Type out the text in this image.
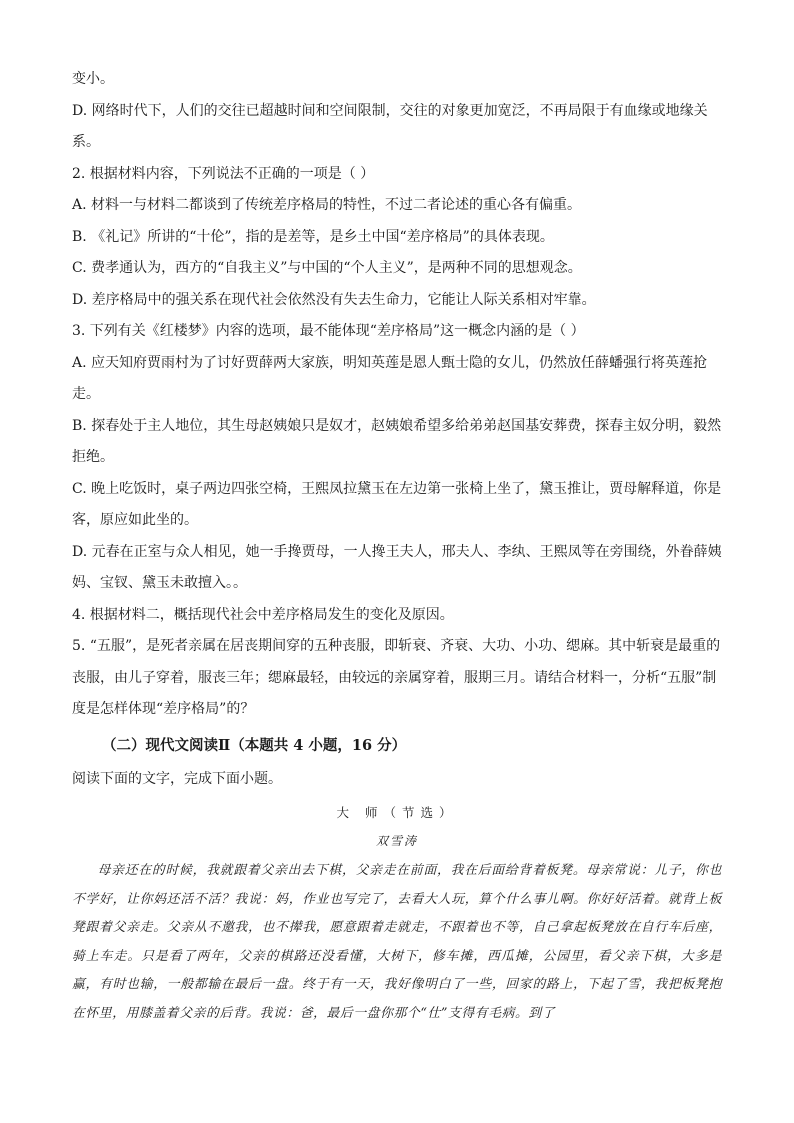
变小。

D. 网络时代下，人们的交往已超越时间和空间限制，交往的对象更加宽泛，不再局限于有血缘或地缘关系。

2. 根据材料内容，下列说法不正确的一项是（ ）

A. 材料一与材料二都谈到了传统差序格局的特性，不过二者论述的重心各有偏重。

B. 《礼记》所讲的“十伦”，指的是差等，是乡土中国“差序格局”的具体表现。

C. 费孝通认为，西方的“自我主义”与中国的“个人主义”，是两种不同的思想观念。

D. 差序格局中的强关系在现代社会依然没有失去生命力，它能让人际关系相对牢靠。

3. 下列有关《红楼梦》内容的选项，最不能体现“差序格局”这一概念内涵的是（ ）

A. 应天知府贾雨村为了讨好贾薛两大家族，明知英莲是恩人甄士隐的女儿，仍然放任薛蟠强行将英莲抢走。

B. 探春处于主人地位，其生母赵姨娘只是奴才，赵姨娘希望多给弟弟赵国基安葬费，探春主奴分明，毅然拒绝。

C. 晚上吃饭时，桌子两边四张空椅，王熙凤拉黛玉在左边第一张椅上坐了，黛玉推让，贾母解释道，你是客，原应如此坐的。

D. 元春在正室与众人相见，她一手搀贾母，一人搀王夫人，邢夫人、李纨、王熙凤等在旁围绕，外眷薛姨妈、宝钗、黛玉未敢擅入。。

4. 根据材料二，概括现代社会中差序格局发生的变化及原因。

5. “五服”，是死者亲属在居丧期间穿的五种丧服，即斩衰、齐衰、大功、小功、缌麻。其中斩衰是最重的丧服，由儿子穿着，服丧三年；缌麻最轻，由较远的亲属穿着，服期三月。请结合材料一，分析“五服”制度是怎样体现“差序格局”的？

（二）现代文阅读Ⅱ（本题共 4 小题，16 分）

阅读下面的文字，完成下面小题。

大 师（节选）
双雪涛

母亲还在的时候，我就跟着父亲出去下棋，父亲走在前面，我在后面给背着板凳。母亲常说：儿子，你也不学好，让你妈还活不活？我说：妈，作业也写完了，去看大人玩，算个什么事儿啊。你好好活着。就背上板凳跟着父亲走。父亲从不邀我，也不撵我，愿意跟着走就走，不跟着也不等，自己拿起板凳放在自行车后座，骑上车走。只是看了两年，父亲的棋路还没看懂，大树下，修车摊，西瓜摊，公园里，看父亲下棋，大多是赢，有时也输，一般都输在最后一盘。终于有一天，我好像明白了一些，回家的路上，下起了雪，我把板凳抱在怀里，用膝盖着父亲的后背。我说：爸，最后一盘你那个“仕”支得有毛病。到了
